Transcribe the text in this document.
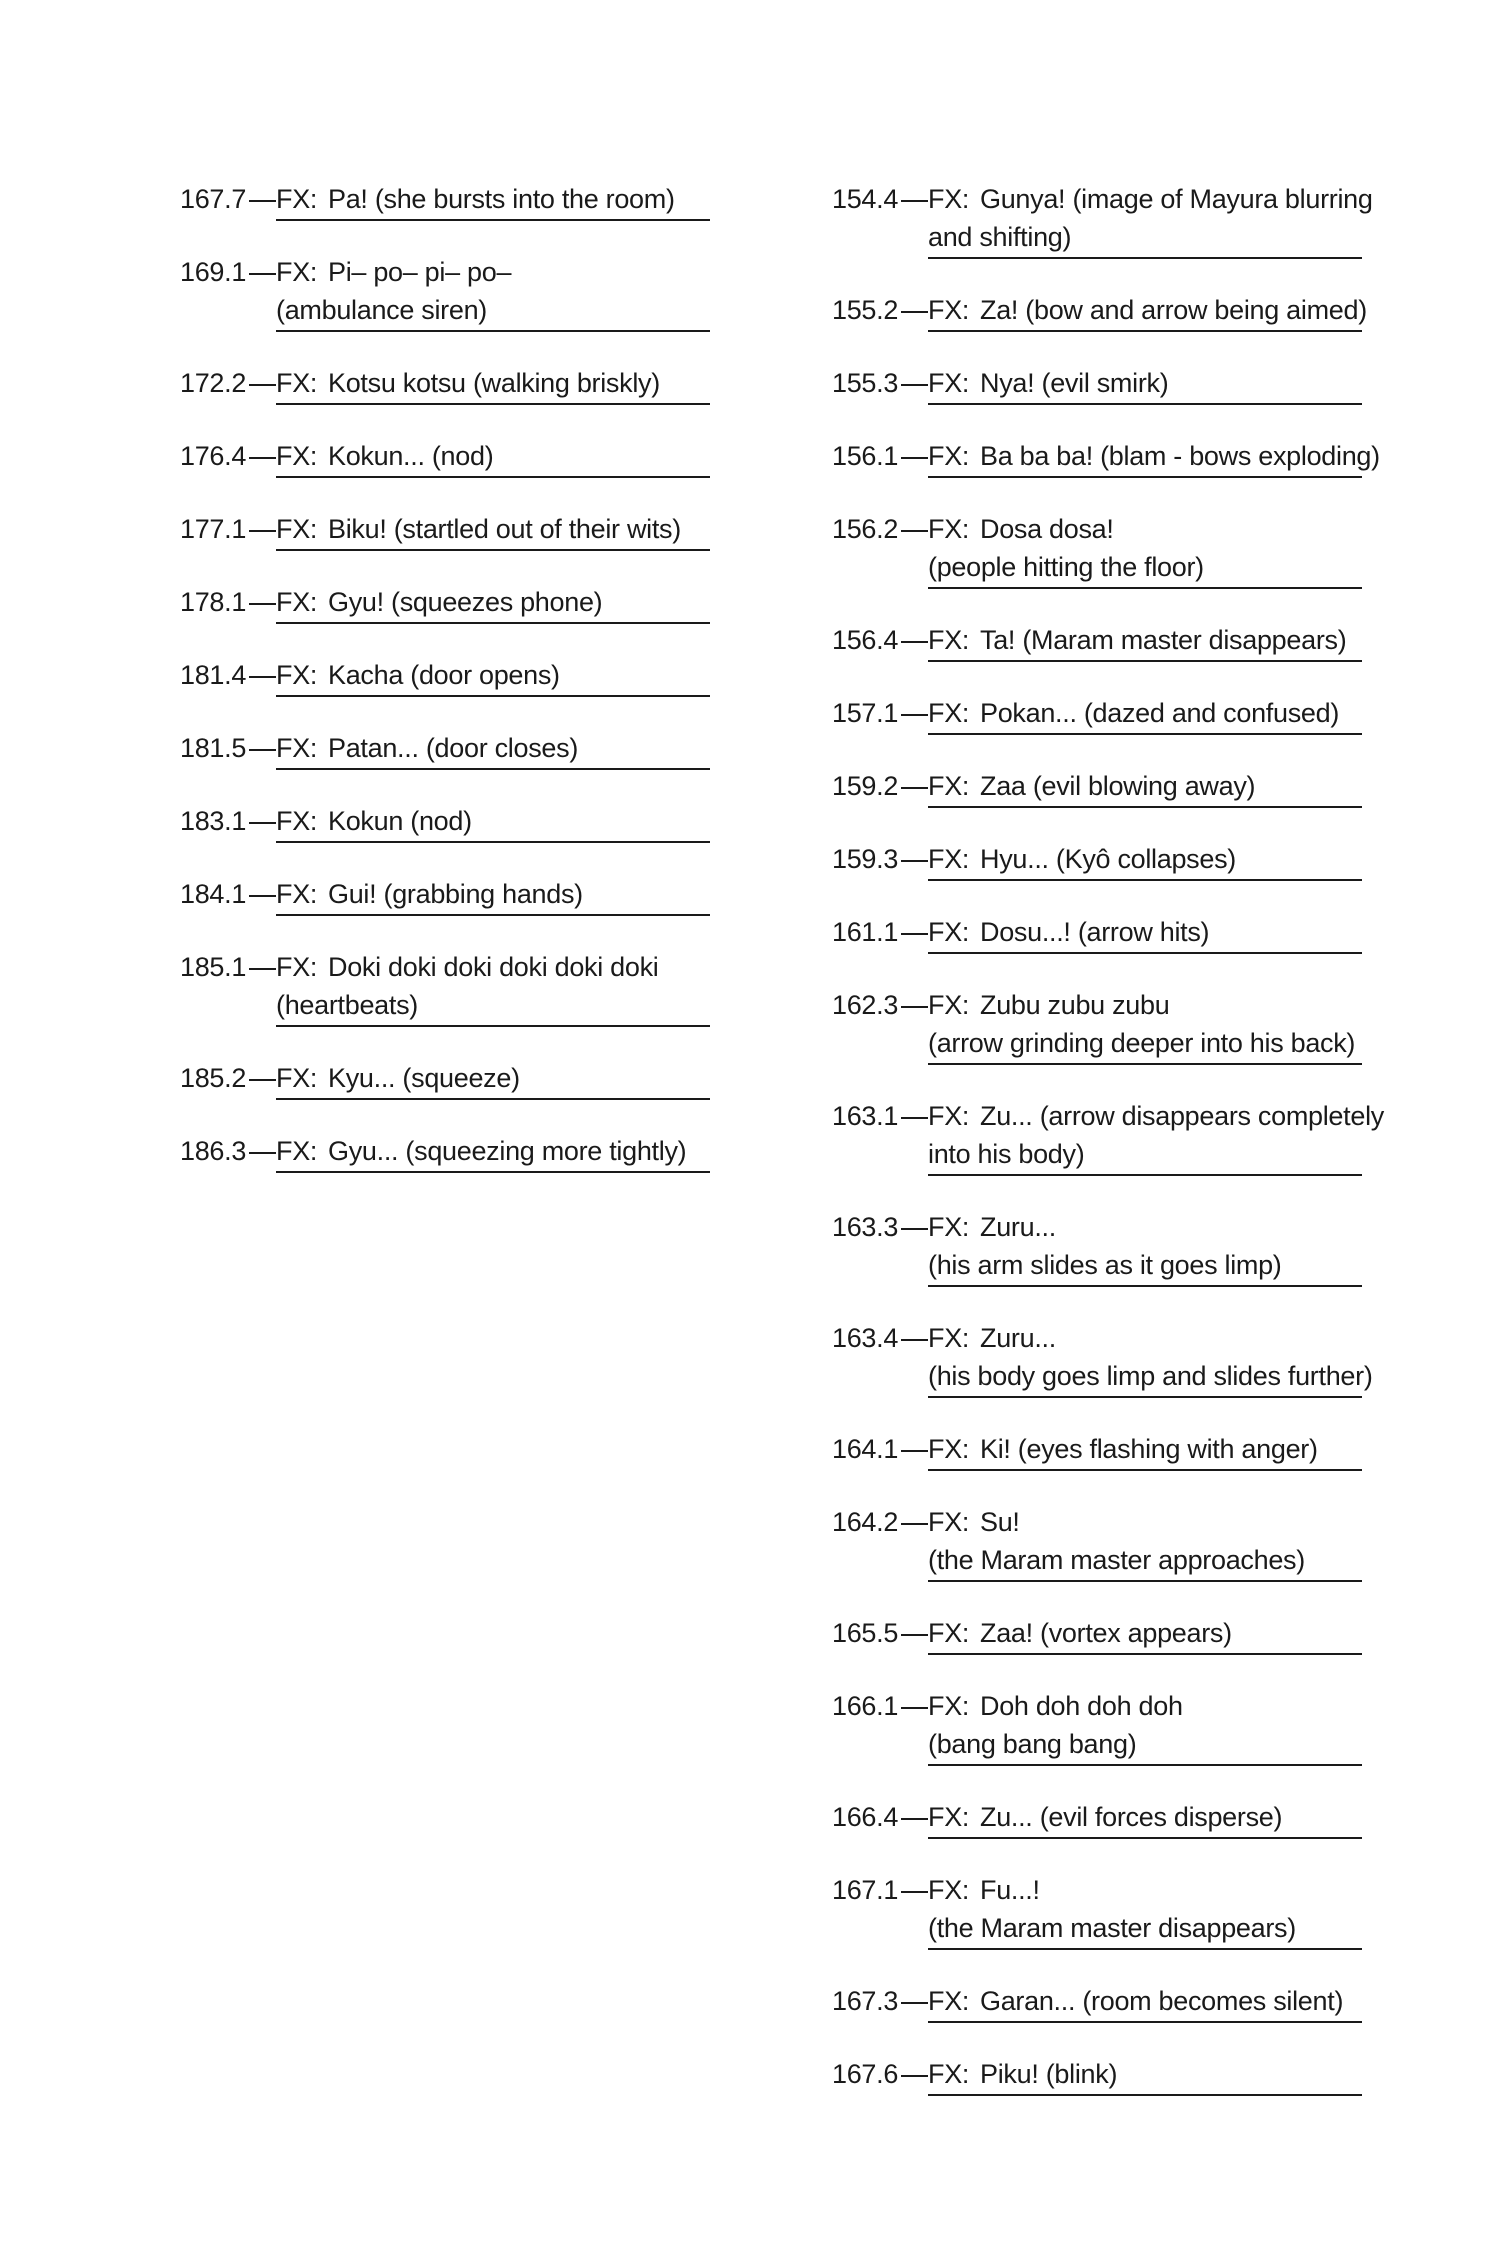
167.7 FX: Pa! (she bursts into the room)
169.1 FX: Pi– po– pi– po–
(ambulance siren)
172.2 FX: Kotsu kotsu (walking briskly)
176.4 FX: Kokun... (nod)
177.1 FX: Biku! (startled out of their wits)
178.1 FX: Gyu! (squeezes phone)
181.4 FX: Kacha (door opens)
181.5 FX: Patan... (door closes)
183.1 FX: Kokun (nod)
184.1 FX: Gui! (grabbing hands)
185.1 FX: Doki doki doki doki doki doki
(heartbeats)
185.2 FX: Kyu... (squeeze)
186.3 FX: Gyu... (squeezing more tightly)
154.4 FX: Gunya! (image of Mayura blurring
and shifting)
155.2 FX: Za! (bow and arrow being aimed)
155.3 FX: Nya! (evil smirk)
156.1 FX: Ba ba ba! (blam - bows exploding)
156.2 FX: Dosa dosa!
(people hitting the floor)
156.4 FX: Ta! (Maram master disappears)
157.1 FX: Pokan... (dazed and confused)
159.2 FX: Zaa (evil blowing away)
159.3 FX: Hyu... (Kyô collapses)
161.1 FX: Dosu...! (arrow hits)
162.3 FX: Zubu zubu zubu
(arrow grinding deeper into his back)
163.1 FX: Zu... (arrow disappears completely
into his body)
163.3 FX: Zuru...
(his arm slides as it goes limp)
163.4 FX: Zuru...
(his body goes limp and slides further)
164.1 FX: Ki! (eyes flashing with anger)
164.2 FX: Su!
(the Maram master approaches)
165.5 FX: Zaa! (vortex appears)
166.1 FX: Doh doh doh doh
(bang bang bang)
166.4 FX: Zu... (evil forces disperse)
167.1 FX: Fu...!
(the Maram master disappears)
167.3 FX: Garan... (room becomes silent)
167.6 FX: Piku! (blink)
